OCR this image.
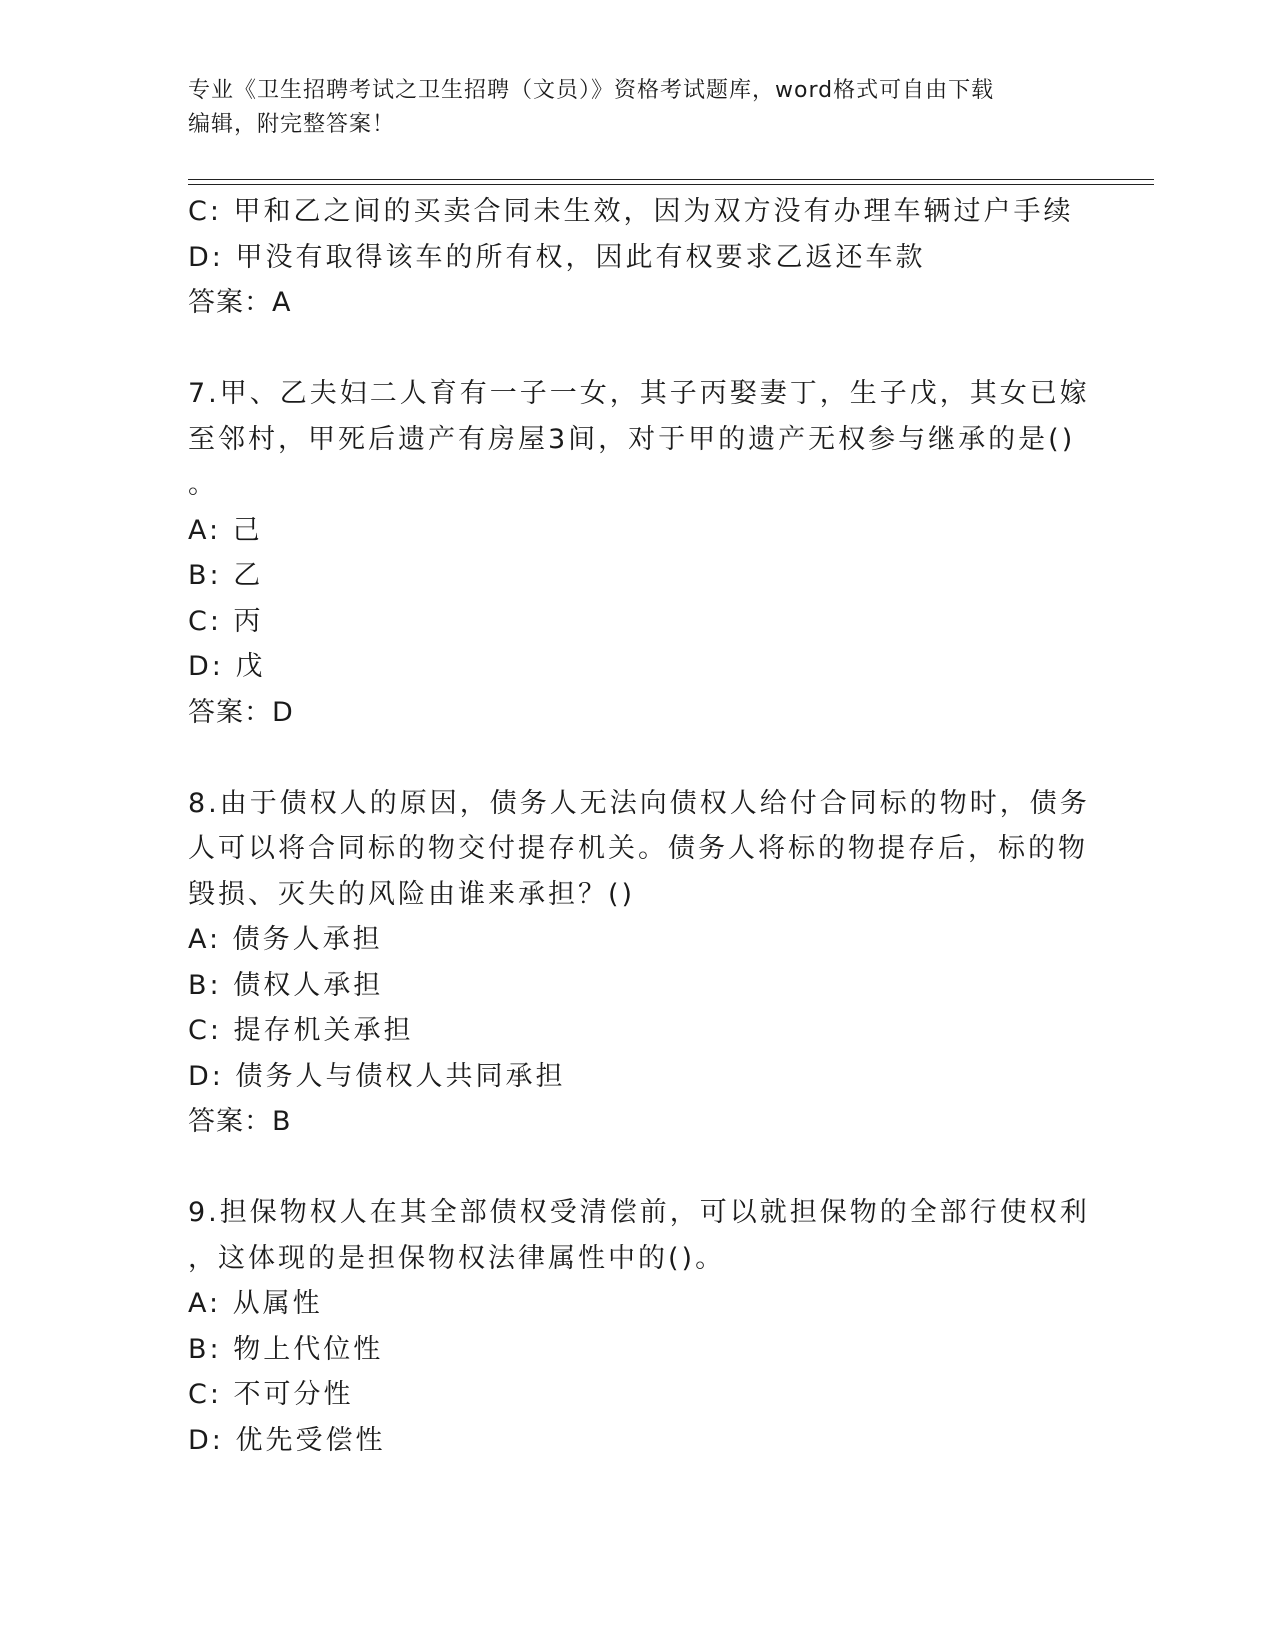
专业《卫生招聘考试之卫生招聘（文员）》资格考试题库，word格式可自由下载
编辑，附完整答案！
C: 甲和乙之间的买卖合同未生效，因为双方没有办理车辆过户手续
D: 甲没有取得该车的所有权，因此有权要求乙返还车款
答案：A
7.甲、乙夫妇二人育有一子一女，其子丙娶妻丁，生子戊，其女已嫁
至邻村，甲死后遗产有房屋3间，对于甲的遗产无权参与继承的是()
。
A: 己
B: 乙
C: 丙
D: 戊
答案：D
8.由于债权人的原因，债务人无法向债权人给付合同标的物时，债务
人可以将合同标的物交付提存机关。债务人将标的物提存后，标的物
毁损、灭失的风险由谁来承担？()
A: 债务人承担
B: 债权人承担
C: 提存机关承担
D: 债务人与债权人共同承担
答案：B
9.担保物权人在其全部债权受清偿前，可以就担保物的全部行使权利
，这体现的是担保物权法律属性中的()。
A: 从属性
B: 物上代位性
C: 不可分性
D: 优先受偿性
